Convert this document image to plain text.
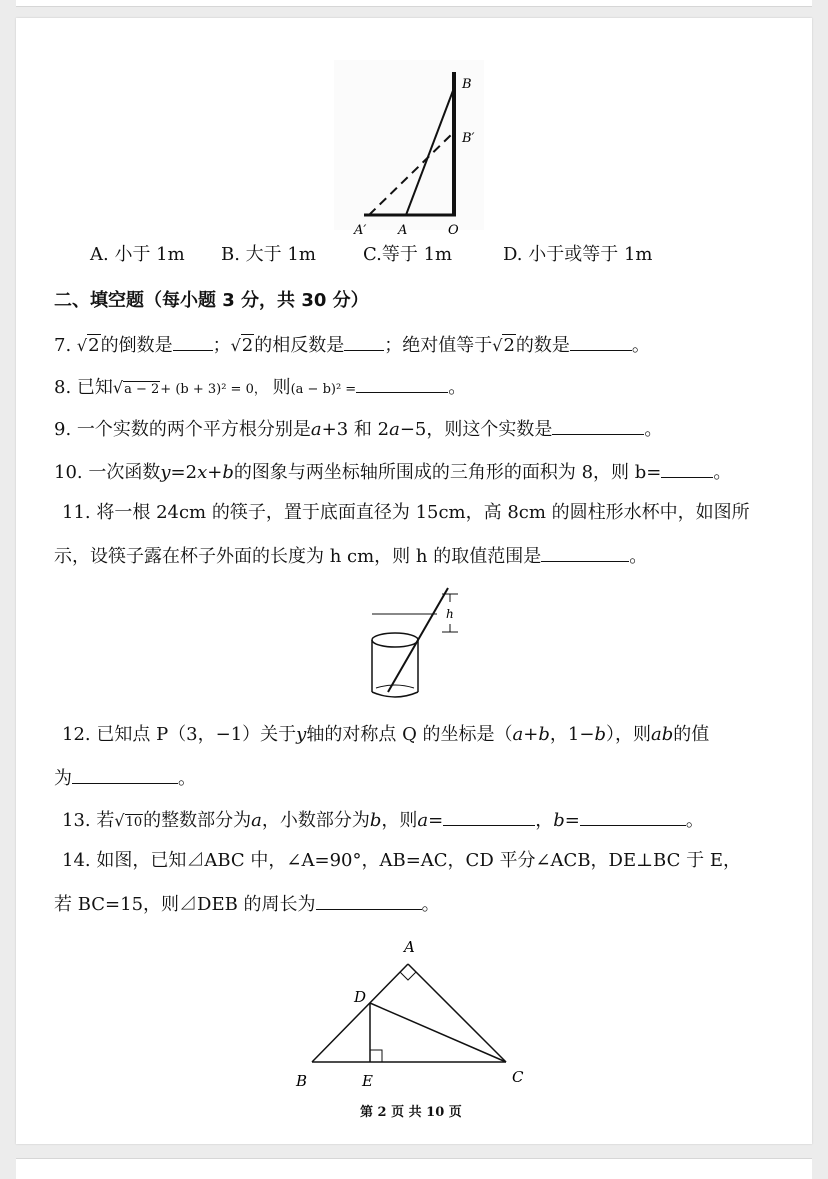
B
B′
A′ A	O
A. 小于 1m B. 大于 1m	C.等于 1m	D. 小于或等于 1m
二、填空题（每小题 3 分，共 30 分）
7. √2的倒数是 ；√2的相反数是 ；绝对值等于√2的数是	。
8. 已知√a − 2+ (b + 3)² = 0， 则(a − b)² =	。
9. 一个实数的两个平方根分别是a+3 和 2a−5，则这个实数是	。
10. 一次函数y=2x+b的图象与两坐标轴所围成的三角形的面积为 8，则 b=	。
11. 将一根 24cm 的筷子，置于底面直径为 15cm，高 8cm 的圆柱形水杯中，如图所
示，设筷子露在杯子外面的长度为 h cm，则 h 的取值范围是	。
h
12. 已知点 P（3，−1）关于y轴的对称点 Q 的坐标是（a+b，1−b），则ab的值
为	。
13. 若√10的整数部分为a，小数部分为b，则a=	，b=	。
14. 如图，已知⊿ABC 中，∠A=90°，AB=AC，CD 平分∠ACB，DE⊥BC 于 E，
若 BC=15，则⊿DEB 的周长为	。
A
D
B	E	C
第 2 页 共 10 页
